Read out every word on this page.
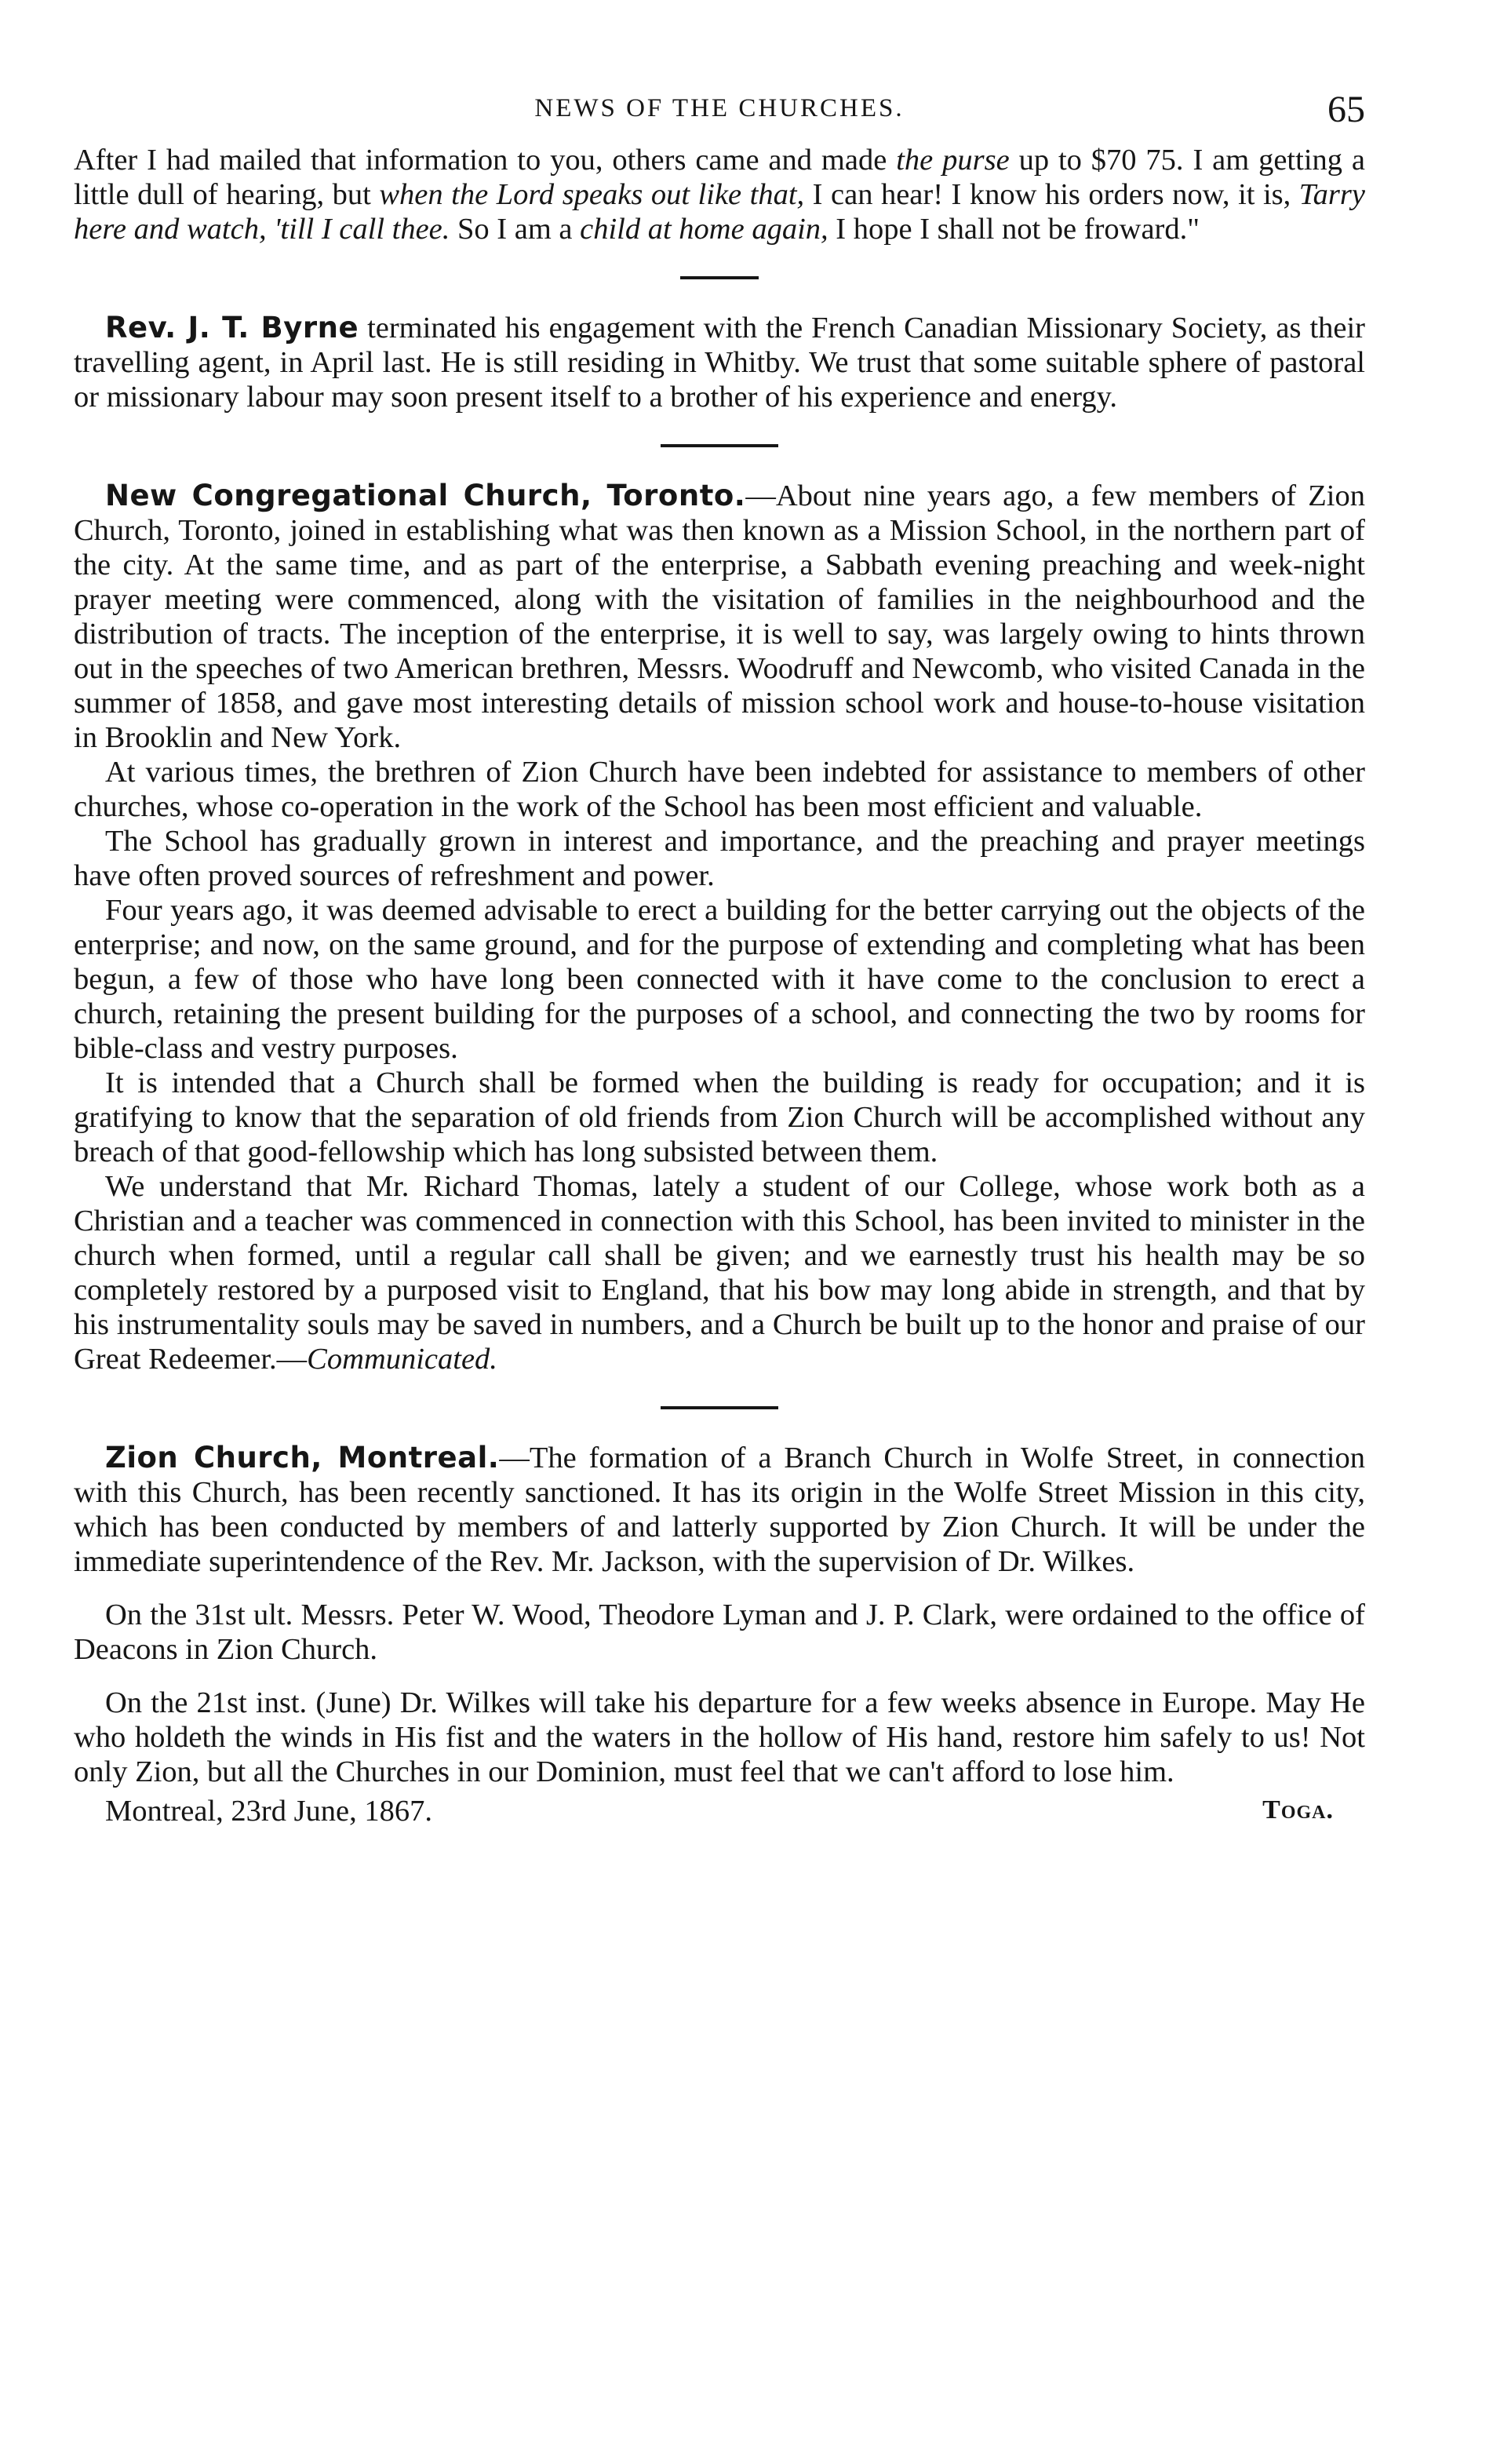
NEWS OF THE CHURCHES.	65

After I had mailed that information to you, others came and made the purse up to $70 75. I am getting a little dull of hearing, but when the Lord speaks out like that, I can hear! I know his orders now, it is, Tarry here and watch, 'till I call thee. So I am a child at home again, I hope I shall not be froward."

Rev. J. T. Byrne terminated his engagement with the French Canadian Missionary Society, as their travelling agent, in April last. He is still residing in Whitby. We trust that some suitable sphere of pastoral or missionary labour may soon present itself to a brother of his experience and energy.

New Congregational Church, Toronto.—About nine years ago, a few members of Zion Church, Toronto, joined in establishing what was then known as a Mission School, in the northern part of the city. At the same time, and as part of the enterprise, a Sabbath evening preaching and week-night prayer meeting were commenced, along with the visitation of families in the neighbourhood and the distribution of tracts. The inception of the enterprise, it is well to say, was largely owing to hints thrown out in the speeches of two American brethren, Messrs. Woodruff and Newcomb, who visited Canada in the summer of 1858, and gave most interesting details of mission school work and house-to-house visitation in Brooklin and New York.

At various times, the brethren of Zion Church have been indebted for assistance to members of other churches, whose co-operation in the work of the School has been most efficient and valuable.

The School has gradually grown in interest and importance, and the preaching and prayer meetings have often proved sources of refreshment and power.

Four years ago, it was deemed advisable to erect a building for the better carrying out the objects of the enterprise; and now, on the same ground, and for the purpose of extending and completing what has been begun, a few of those who have long been connected with it have come to the conclusion to erect a church, retaining the present building for the purposes of a school, and connecting the two by rooms for bible-class and vestry purposes.

It is intended that a Church shall be formed when the building is ready for occupation; and it is gratifying to know that the separation of old friends from Zion Church will be accomplished without any breach of that good-fellowship which has long subsisted between them.

We understand that Mr. Richard Thomas, lately a student of our College, whose work both as a Christian and a teacher was commenced in connection with this School, has been invited to minister in the church when formed, until a regular call shall be given; and we earnestly trust his health may be so completely restored by a purposed visit to England, that his bow may long abide in strength, and that by his instrumentality souls may be saved in numbers, and a Church be built up to the honor and praise of our Great Redeemer.—Communicated.

Zion Church, Montreal.—The formation of a Branch Church in Wolfe Street, in connection with this Church, has been recently sanctioned. It has its origin in the Wolfe Street Mission in this city, which has been conducted by members of and latterly supported by Zion Church. It will be under the immediate superintendence of the Rev. Mr. Jackson, with the supervision of Dr. Wilkes.

On the 31st ult. Messrs. Peter W. Wood, Theodore Lyman and J. P. Clark, were ordained to the office of Deacons in Zion Church.

On the 21st inst. (June) Dr. Wilkes will take his departure for a few weeks absence in Europe. May He who holdeth the winds in His fist and the waters in the hollow of His hand, restore him safely to us! Not only Zion, but all the Churches in our Dominion, must feel that we can't afford to lose him.

Montreal, 23rd June, 1867.	Toga.
